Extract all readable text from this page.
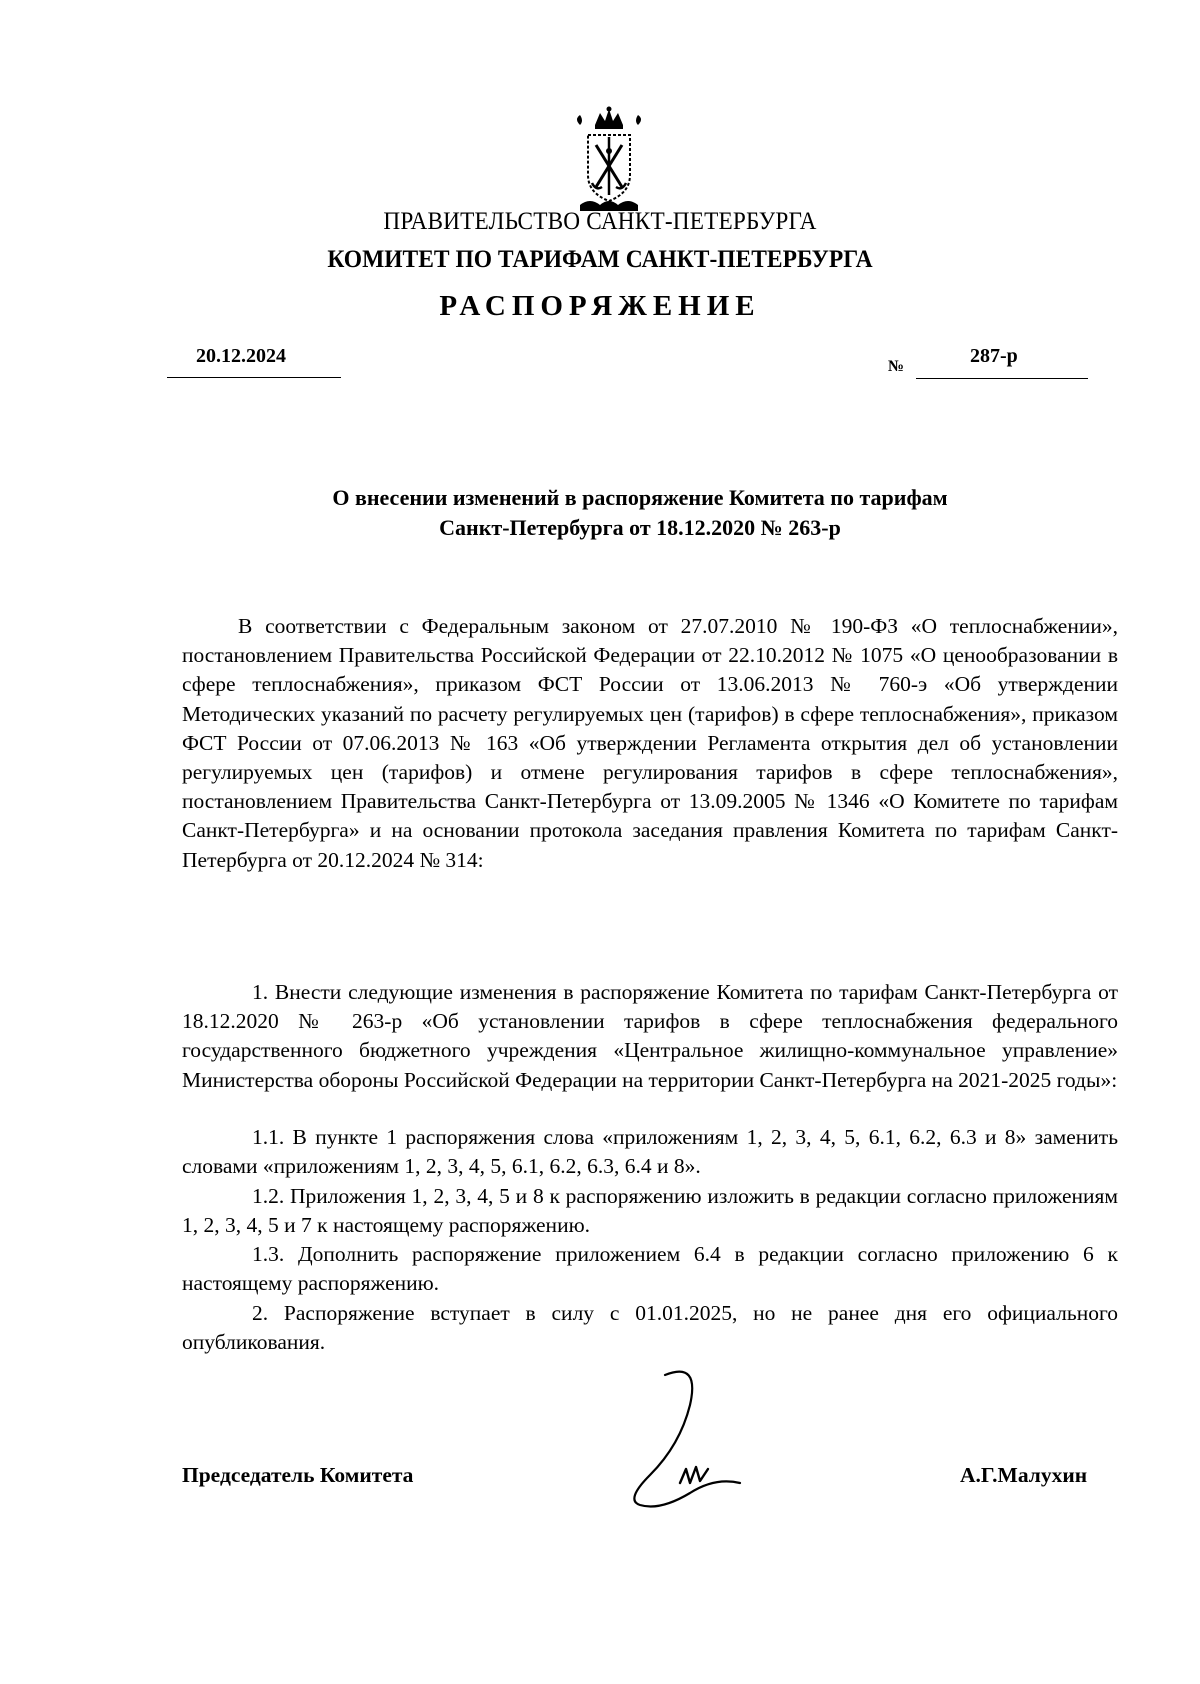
ПРАВИТЕЛЬСТВО САНКТ-ПЕТЕРБУРГА
КОМИТЕТ ПО ТАРИФАМ САНКТ-ПЕТЕРБУРГА
РАСПОРЯЖЕНИЕ
20.12.2024	№	287-р
О внесении изменений в распоряжение Комитета по тарифам
Санкт-Петербурга от 18.12.2020 № 263-р
В соответствии с Федеральным законом от 27.07.2010 № 190-ФЗ «О теплоснабжении», постановлением Правительства Российской Федерации от 22.10.2012 № 1075 «О ценообразовании в сфере теплоснабжения», приказом ФСТ России от 13.06.2013 № 760-э «Об утверждении Методических указаний по расчету регулируемых цен (тарифов) в сфере теплоснабжения», приказом ФСТ России от 07.06.2013 № 163 «Об утверждении Регламента открытия дел об установлении регулируемых цен (тарифов) и отмене регулирования тарифов в сфере теплоснабжения», постановлением Правительства Санкт-Петербурга от 13.09.2005 № 1346 «О Комитете по тарифам Санкт-Петербурга» и на основании протокола заседания правления Комитета по тарифам Санкт-Петербурга от 20.12.2024 № 314:
1. Внести следующие изменения в распоряжение Комитета по тарифам Санкт-Петербурга от 18.12.2020 № 263-р «Об установлении тарифов в сфере теплоснабжения федерального государственного бюджетного учреждения «Центральное жилищно-коммунальное управление» Министерства обороны Российской Федерации на территории Санкт-Петербурга на 2021-2025 годы»:
1.1. В пункте 1 распоряжения слова «приложениям 1, 2, 3, 4, 5, 6.1, 6.2, 6.3 и 8» заменить словами «приложениям 1, 2, 3, 4, 5, 6.1, 6.2, 6.3, 6.4 и 8».
1.2. Приложения 1, 2, 3, 4, 5 и 8 к распоряжению изложить в редакции согласно приложениям 1, 2, 3, 4, 5 и 7 к настоящему распоряжению.
1.3. Дополнить распоряжение приложением 6.4 в редакции согласно приложению 6 к настоящему распоряжению.
2. Распоряжение вступает в силу с 01.01.2025, но не ранее дня его официального опубликования.
Председатель Комитета	А.Г.Малухин
